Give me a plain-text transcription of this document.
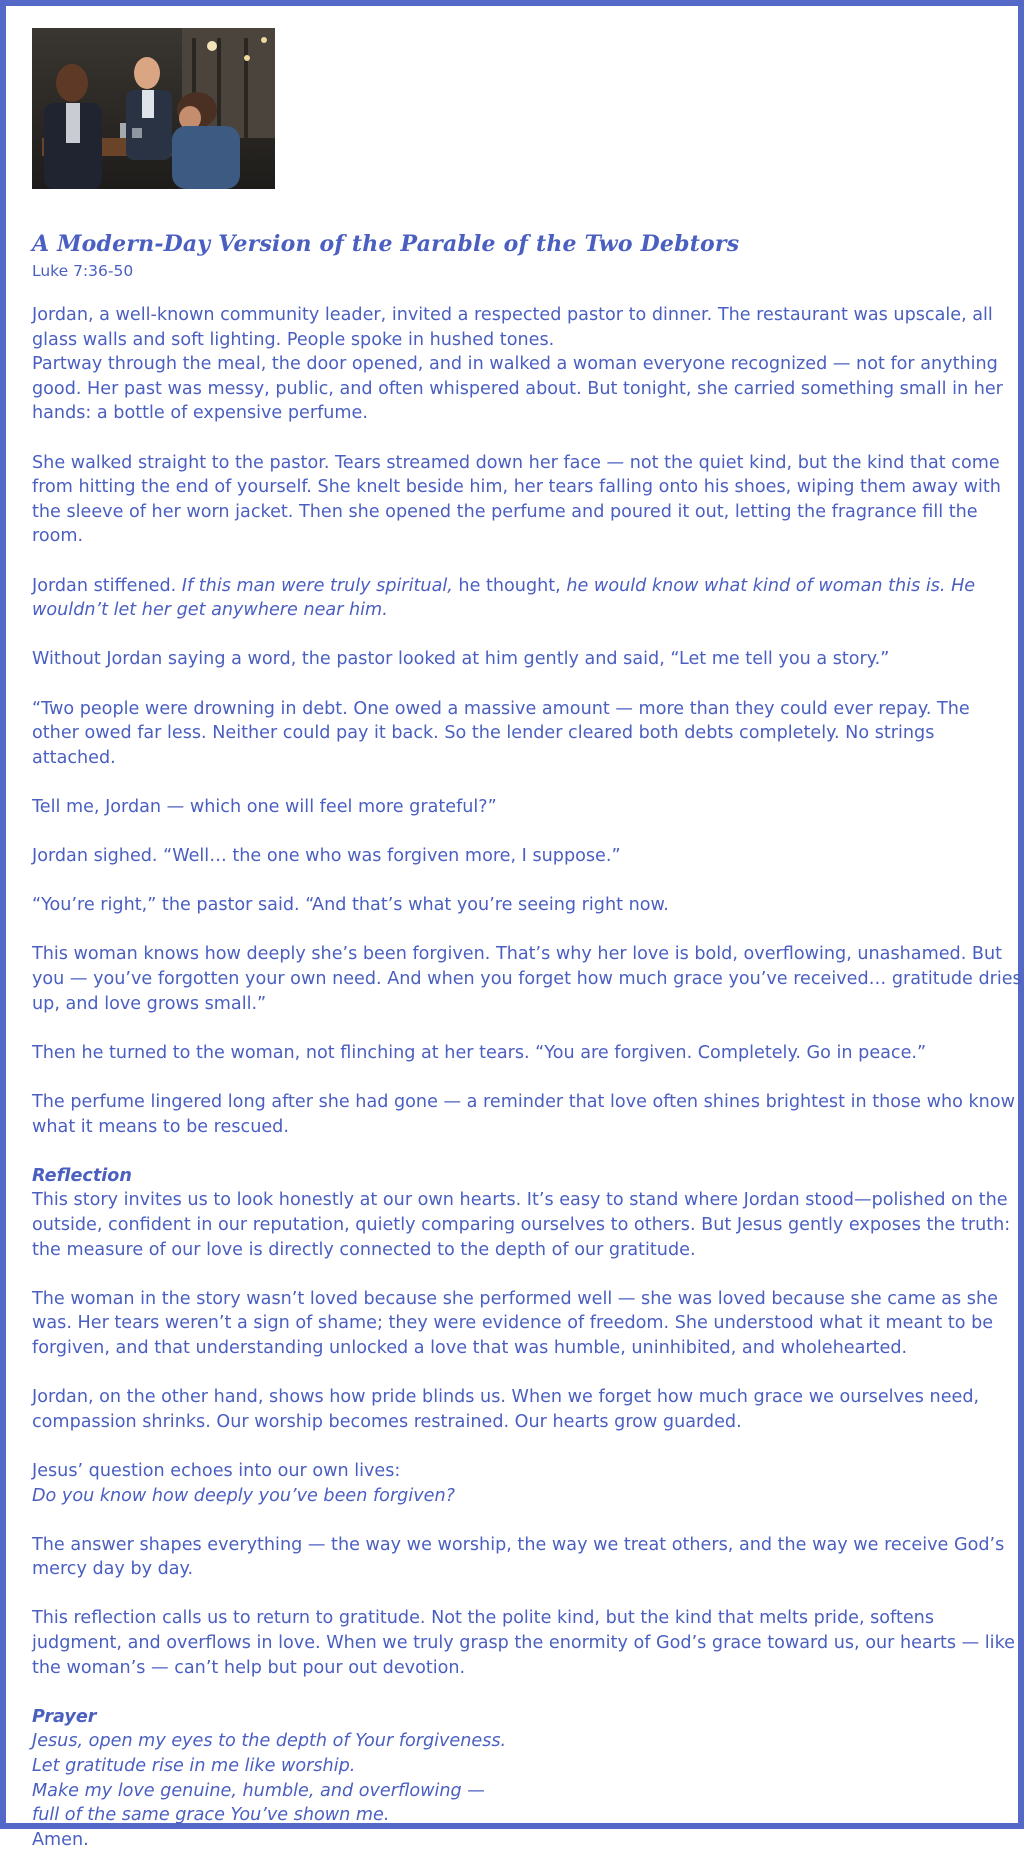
A Modern-Day Version of the Parable of the Two Debtors
Luke 7:36-50

Jordan, a well-known community leader, invited a respected pastor to dinner. The restaurant was upscale, all glass walls and soft lighting. People spoke in hushed tones.

Partway through the meal, the door opened, and in walked a woman everyone recognized — not for anything good. Her past was messy, public, and often whispered about. But tonight, she carried something small in her hands: a bottle of expensive perfume.

She walked straight to the pastor. Tears streamed down her face — not the quiet kind, but the kind that come from hitting the end of yourself. She knelt beside him, her tears falling onto his shoes, wiping them away with the sleeve of her worn jacket. Then she opened the perfume and poured it out, letting the fragrance fill the room.

Jordan stiffened. If this man were truly spiritual, he thought, he would know what kind of woman this is. He wouldn’t let her get anywhere near him.

Without Jordan saying a word, the pastor looked at him gently and said, “Let me tell you a story.”

“Two people were drowning in debt. One owed a massive amount — more than they could ever repay. The other owed far less. Neither could pay it back. So the lender cleared both debts completely. No strings attached.

Tell me, Jordan — which one will feel more grateful?”

Jordan sighed. “Well… the one who was forgiven more, I suppose.”

“You’re right,” the pastor said. “And that’s what you’re seeing right now.

This woman knows how deeply she’s been forgiven. That’s why her love is bold, overflowing, unashamed. But you — you’ve forgotten your own need. And when you forget how much grace you’ve received… gratitude dries up, and love grows small.”

Then he turned to the woman, not flinching at her tears. “You are forgiven. Completely. Go in peace.”

The perfume lingered long after she had gone — a reminder that love often shines brightest in those who know what it means to be rescued.

Reflection

This story invites us to look honestly at our own hearts. It’s easy to stand where Jordan stood—polished on the outside, confident in our reputation, quietly comparing ourselves to others. But Jesus gently exposes the truth: the measure of our love is directly connected to the depth of our gratitude.

The woman in the story wasn’t loved because she performed well — she was loved because she came as she was. Her tears weren’t a sign of shame; they were evidence of freedom. She understood what it meant to be forgiven, and that understanding unlocked a love that was humble, uninhibited, and wholehearted.

Jordan, on the other hand, shows how pride blinds us. When we forget how much grace we ourselves need, compassion shrinks. Our worship becomes restrained. Our hearts grow guarded.

Jesus’ question echoes into our own lives:

Do you know how deeply you’ve been forgiven?

The answer shapes everything — the way we worship, the way we treat others, and the way we receive God’s mercy day by day.

This reflection calls us to return to gratitude. Not the polite kind, but the kind that melts pride, softens judgment, and overflows in love. When we truly grasp the enormity of God’s grace toward us, our hearts — like the woman’s — can’t help but pour out devotion.

Prayer
Jesus, open my eyes to the depth of Your forgiveness.
Let gratitude rise in me like worship.
Make my love genuine, humble, and overflowing —
full of the same grace You’ve shown me.
Amen.
